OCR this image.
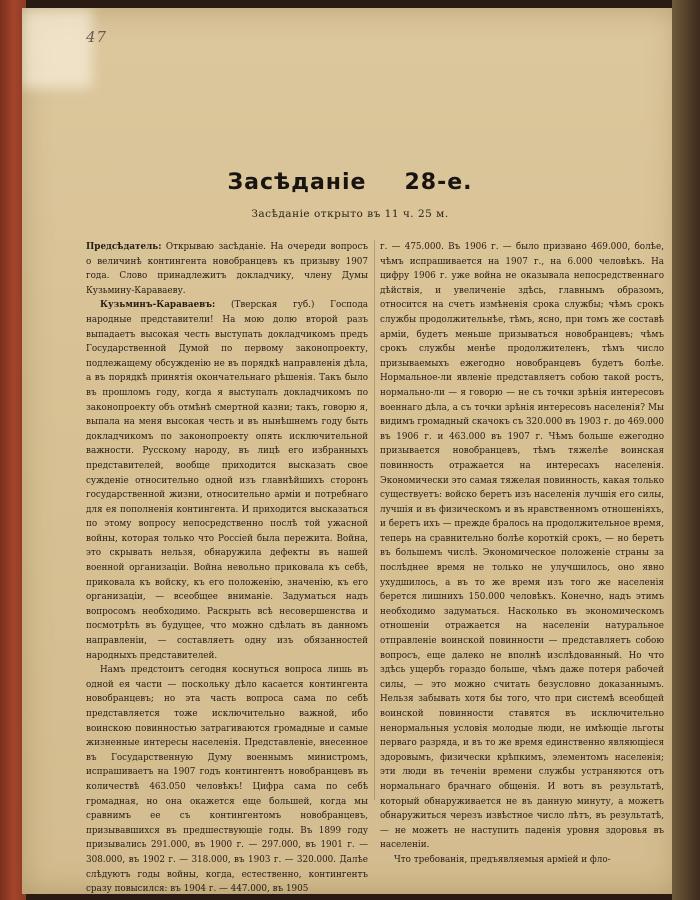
47
Засѣданіе 28-е.
Засѣданіе открыто въ 11 ч. 25 м.

Предсѣдатель: Открываю засѣданіе. На очереди вопросъ о величинѣ контингента новобранцевъ къ призыву 1907 года. Слово принадлежитъ докладчику, члену Думы Кузьмину-Караваеву.

Кузьминъ-Караваевъ: (Тверская губ.) Господа народные представители! На мою долю второй разъ выпадаетъ высокая честь выступать докладчикомъ предъ Государственной Думой по первому законопроекту, подлежащему обсужденію не въ порядкѣ направленія дѣла, а въ порядкѣ принятія окончательнаго рѣшенія. Такъ было въ прошломъ году, когда я выступалъ докладчикомъ по законопроекту объ отмѣнѣ смертной казни; такъ, говорю я, выпала на меня высокая честь и въ нынѣшнемъ году быть докладчикомъ по законопроекту опять исключительной важности. Русскому народу, въ лицѣ его избранныхъ представителей, вообще приходится высказать свое сужденіе относительно одной изъ главнѣйшихъ сторонъ государственной жизни, относительно арміи и потребнаго для ея пополненія контингента. И приходится высказаться по этому вопросу непосредственно послѣ той ужасной войны, которая только что Россіей была пережита. Война, это скрывать нельзя, обнаружила дефекты въ нашей военной организаціи. Война невольно приковала къ себѣ, приковала къ войску, къ его положенію, значенію, къ его организаціи, — всеобщее вниманіе. Задуматься надъ вопросомъ необходимо. Раскрыть всѣ несовершенства и посмотрѣть въ будущее, что можно сдѣлать въ данномъ направленіи, — составляетъ одну изъ обязанностей народныхъ представителей.

Намъ предстоитъ сегодня коснуться вопроса лишь въ одной ея части — поскольку дѣло касается контингента новобранцевъ; но эта часть вопроса сама по себѣ представляется тоже исключительно важной, ибо воинскою повинностью затрагиваются громадные и самые жизненные интересы населенія. Представленіе, внесенное въ Государственную Думу военнымъ министромъ, испрашиваетъ на 1907 годъ контингентъ новобранцевъ въ количествѣ 463.050 человѣкъ! Цифра сама по себѣ громадная, но она окажется еще большей, когда мы сравнимъ ее съ контингентомъ новобранцевъ, призывавшихся въ предшествующіе годы. Въ 1899 году призывались 291.000, въ 1900 г. — 297.000, въ 1901 г. — 308.000, въ 1902 г. — 318.000, въ 1903 г. — 320.000. Далѣе слѣдуютъ годы войны, когда, естественно, контингентъ сразу повысился: въ 1904 г. — 447.000, въ 1905

г. — 475.000. Въ 1906 г. — было призвано 469.000, болѣе, чѣмъ испрашивается на 1907 г., на 6.000 человѣкъ. На цифру 1906 г. уже война не оказывала непосредственнаго дѣйствія, и увеличеніе здѣсь, главнымъ образомъ, относится на счетъ измѣненія срока службы; чѣмъ срокъ службы продолжительнѣе, тѣмъ, ясно, при томъ же составѣ арміи, будетъ меньше призываться новобранцевъ; чѣмъ срокъ службы менѣе продолжителенъ, тѣмъ число призываемыхъ ежегодно новобранцевъ будетъ болѣе. Нормальное-ли явленіе представляетъ собою такой ростъ, нормально-ли — я говорю — не съ точки зрѣнія интересовъ военнаго дѣла, а съ точки зрѣнія интересовъ населенія? Мы видимъ громадный скачокъ съ 320.000 въ 1903 г. до 469.000 въ 1906 г. и 463.000 въ 1907 г. Чѣмъ больше ежегодно призывается новобранцевъ, тѣмъ тяжелѣе воинская повинность отражается на интересахъ населенія. Экономически это самая тяжелая повинность, какая только существуетъ: войско беретъ изъ населенія лучшія его силы, лучшія и въ физическомъ и въ нравственномъ отношеніяхъ, и беретъ ихъ — прежде бралось на продолжительное время, теперь на сравнительно болѣе короткій срокъ, — но беретъ въ большемъ числѣ. Экономическое положеніе страны за послѣднее время не только не улучшилось, оно явно ухудшилось, а въ то же время изъ того же населенія берется лишнихъ 150.000 человѣкъ. Конечно, надъ этимъ необходимо задуматься. Насколько въ экономическомъ отношеніи отражается на населеніи натуральное отправленіе воинской повинности — представляетъ собою вопросъ, еще далеко не вполнѣ изслѣдованный. Но что здѣсь ущербъ гораздо больше, чѣмъ даже потеря рабочей силы, — это можно считать безусловно доказаннымъ. Нельзя забывать хотя бы того, что при системѣ всеобщей воинской повинности ставятся въ исключительно ненормальныя условія молодые люди, не имѣющіе льготы перваго разряда, и въ то же время единственно являющіеся здоровымъ, физически крѣпкимъ, элементомъ населенія; эти люди въ теченіи времени службы устраняются отъ нормальнаго брачнаго общенія. И вотъ въ результатѣ, который обнаруживается не въ данную минуту, а можетъ обнаружиться черезъ извѣстное число лѣтъ, въ результатѣ, — не можетъ не наступить паденія уровня здоровья въ населеніи.

Что требованія, предъявляемыя арміей и фло-
